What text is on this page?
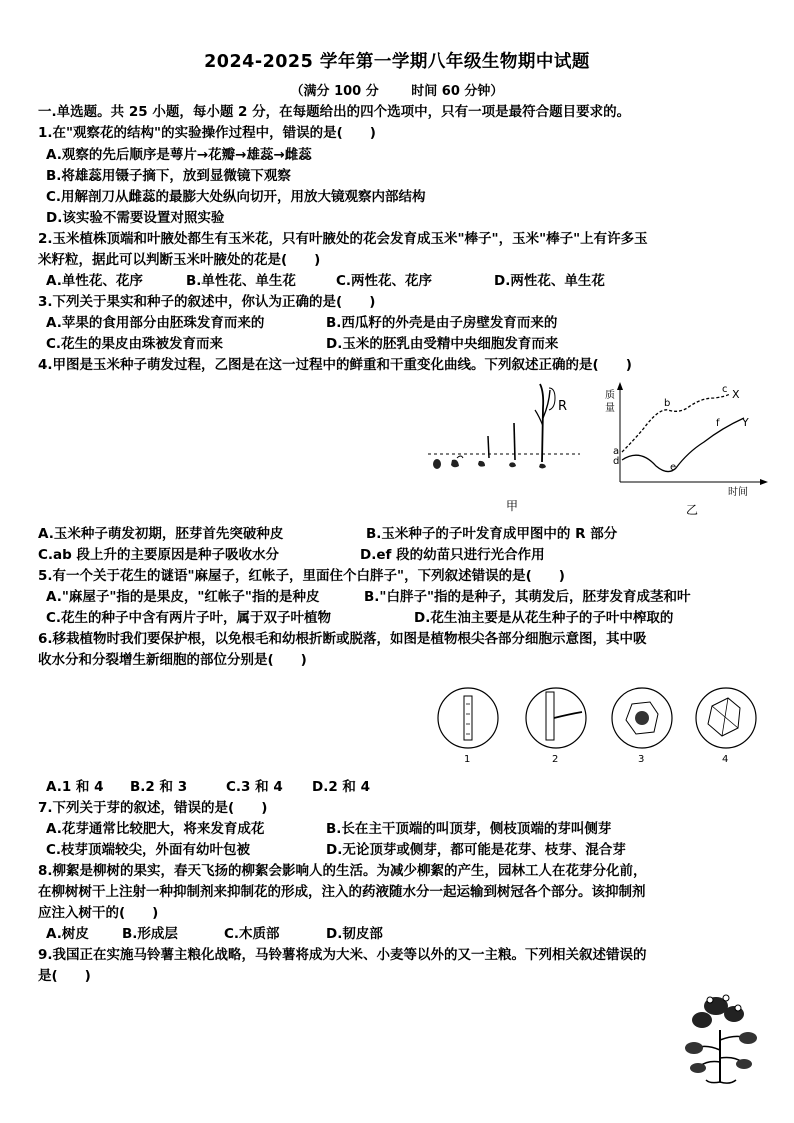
2024-2025 学年第一学期八年级生物期中试题
（满分 100 分	时间 60 分钟）
一.单选题。共 25 小题，每小题 2 分，在每题给出的四个选项中，只有一项是最符合题目要求的。
1.在"观察花的结构"的实验操作过程中，错误的是(　　)
A.观察的先后顺序是萼片→花瓣→雄蕊→雌蕊
B.将雄蕊用镊子摘下，放到显微镜下观察
C.用解剖刀从雌蕊的最膨大处纵向切开，用放大镜观察内部结构
D.该实验不需要设置对照实验
2.玉米植株顶端和叶腋处都生有玉米花，只有叶腋处的花会发育成玉米"棒子"，玉米"棒子"上有许多玉
米籽粒，据此可以判断玉米叶腋处的花是(　　)
A.单性花、花序	B.单性花、单生花	C.两性花、花序	D.两性花、单生花
3.下列关于果实和种子的叙述中，你认为正确的是(　　)
A.苹果的食用部分由胚珠发育而来的	B.西瓜籽的外壳是由子房壁发育而来的
C.花生的果皮由珠被发育而来	D.玉米的胚乳由受精中央细胞发育而来
4.甲图是玉米种子萌发过程，乙图是在这一过程中的鲜重和干重变化曲线。下列叙述正确的是(　　)
R
甲
质
量
时间
a
d
b
c X
e
f Y
乙
A.玉米种子萌发初期，胚芽首先突破种皮	B.玉米种子的子叶发育成甲图中的 R 部分
C.ab 段上升的主要原因是种子吸收水分	D.ef 段的幼苗只进行光合作用
5.有一个关于花生的谜语"麻屋子，红帐子，里面住个白胖子"，下列叙述错误的是(　　)
A."麻屋子"指的是果皮，"红帐子"指的是种皮	B."白胖子"指的是种子，其萌发后，胚芽发育成茎和叶
C.花生的种子中含有两片子叶，属于双子叶植物	D.花生油主要是从花生种子的子叶中榨取的
6.移栽植物时我们要保护根，以免根毛和幼根折断或脱落，如图是植物根尖各部分细胞示意图，其中吸
收水分和分裂增生新细胞的部位分别是(　　)
1	2	3	4
A.1 和 4 B.2 和 3	C.3 和 4 D.2 和 4
7.下列关于芽的叙述，错误的是(　　)
A.花芽通常比较肥大，将来发育成花	B.长在主干顶端的叫顶芽，侧枝顶端的芽叫侧芽
C.枝芽顶端较尖，外面有幼叶包被	D.无论顶芽或侧芽，都可能是花芽、枝芽、混合芽
8.柳絮是柳树的果实，春天飞扬的柳絮会影响人的生活。为减少柳絮的产生，园林工人在花芽分化前，
在柳树树干上注射一种抑制剂来抑制花的形成，注入的药液随水分一起运输到树冠各个部分。该抑制剂
应注入树干的(　　)
A.树皮 B.形成层	C.木质部	D.韧皮部
9.我国正在实施马铃薯主粮化战略，马铃薯将成为大米、小麦等以外的又一主粮。下列相关叙述错误的
是(　　)
